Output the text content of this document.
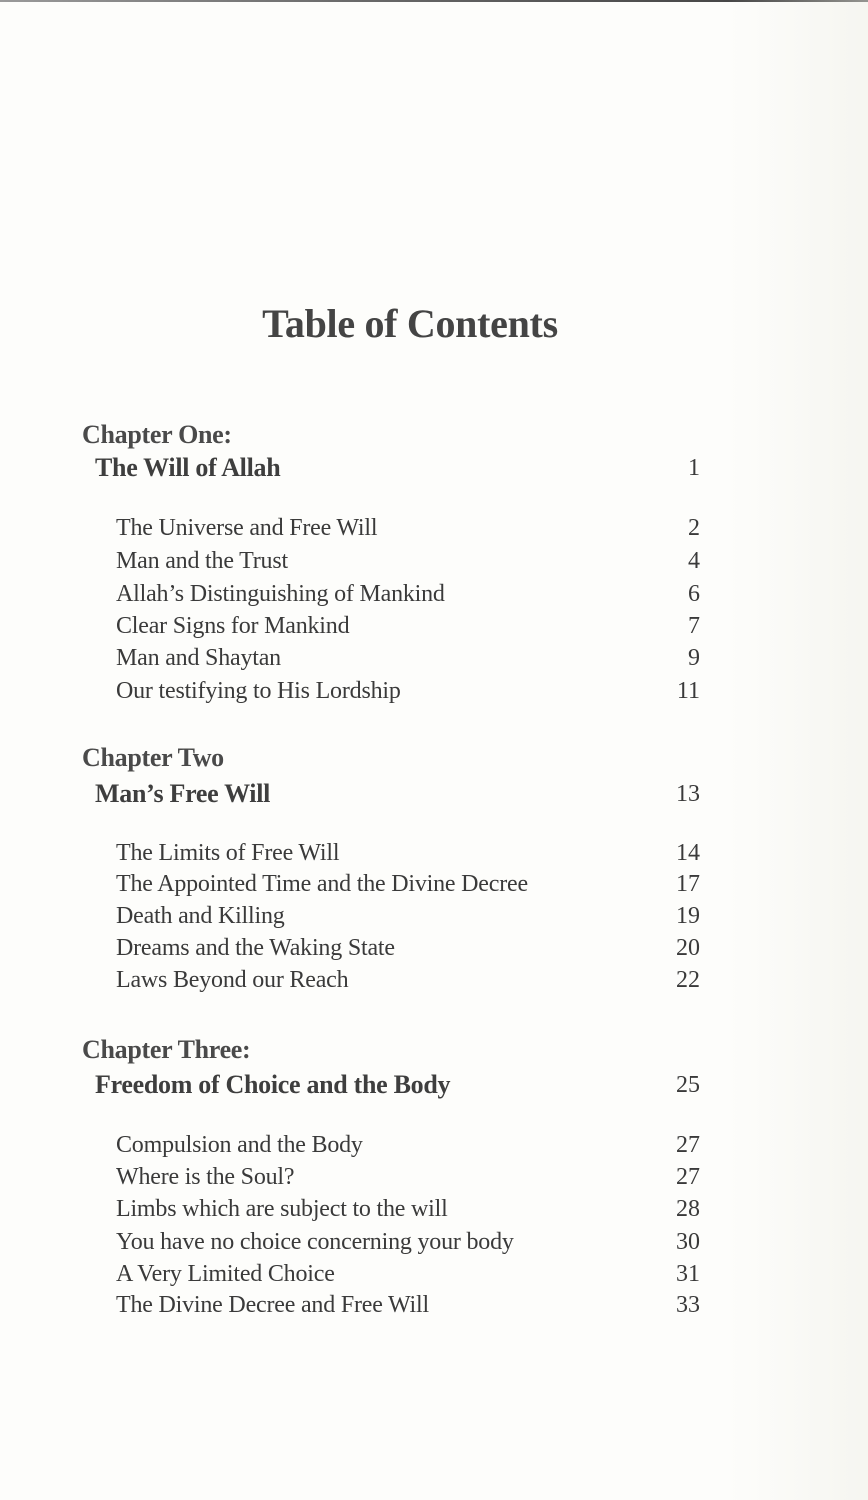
Table of Contents
Chapter One:
The Will of Allah	1
The Universe and Free Will	2
Man and the Trust	4
Allah’s Distinguishing of Mankind	6
Clear Signs for Mankind	7
Man and Shaytan	9
Our testifying to His Lordship	11
Chapter Two
Man’s Free Will	13
The Limits of Free Will	14
The Appointed Time and the Divine Decree	17
Death and Killing	19
Dreams and the Waking State	20
Laws Beyond our Reach	22
Chapter Three:
Freedom of Choice and the Body	25
Compulsion and the Body	27
Where is the Soul?	27
Limbs which are subject to the will	28
You have no choice concerning your body	30
A Very Limited Choice	31
The Divine Decree and Free Will	33
